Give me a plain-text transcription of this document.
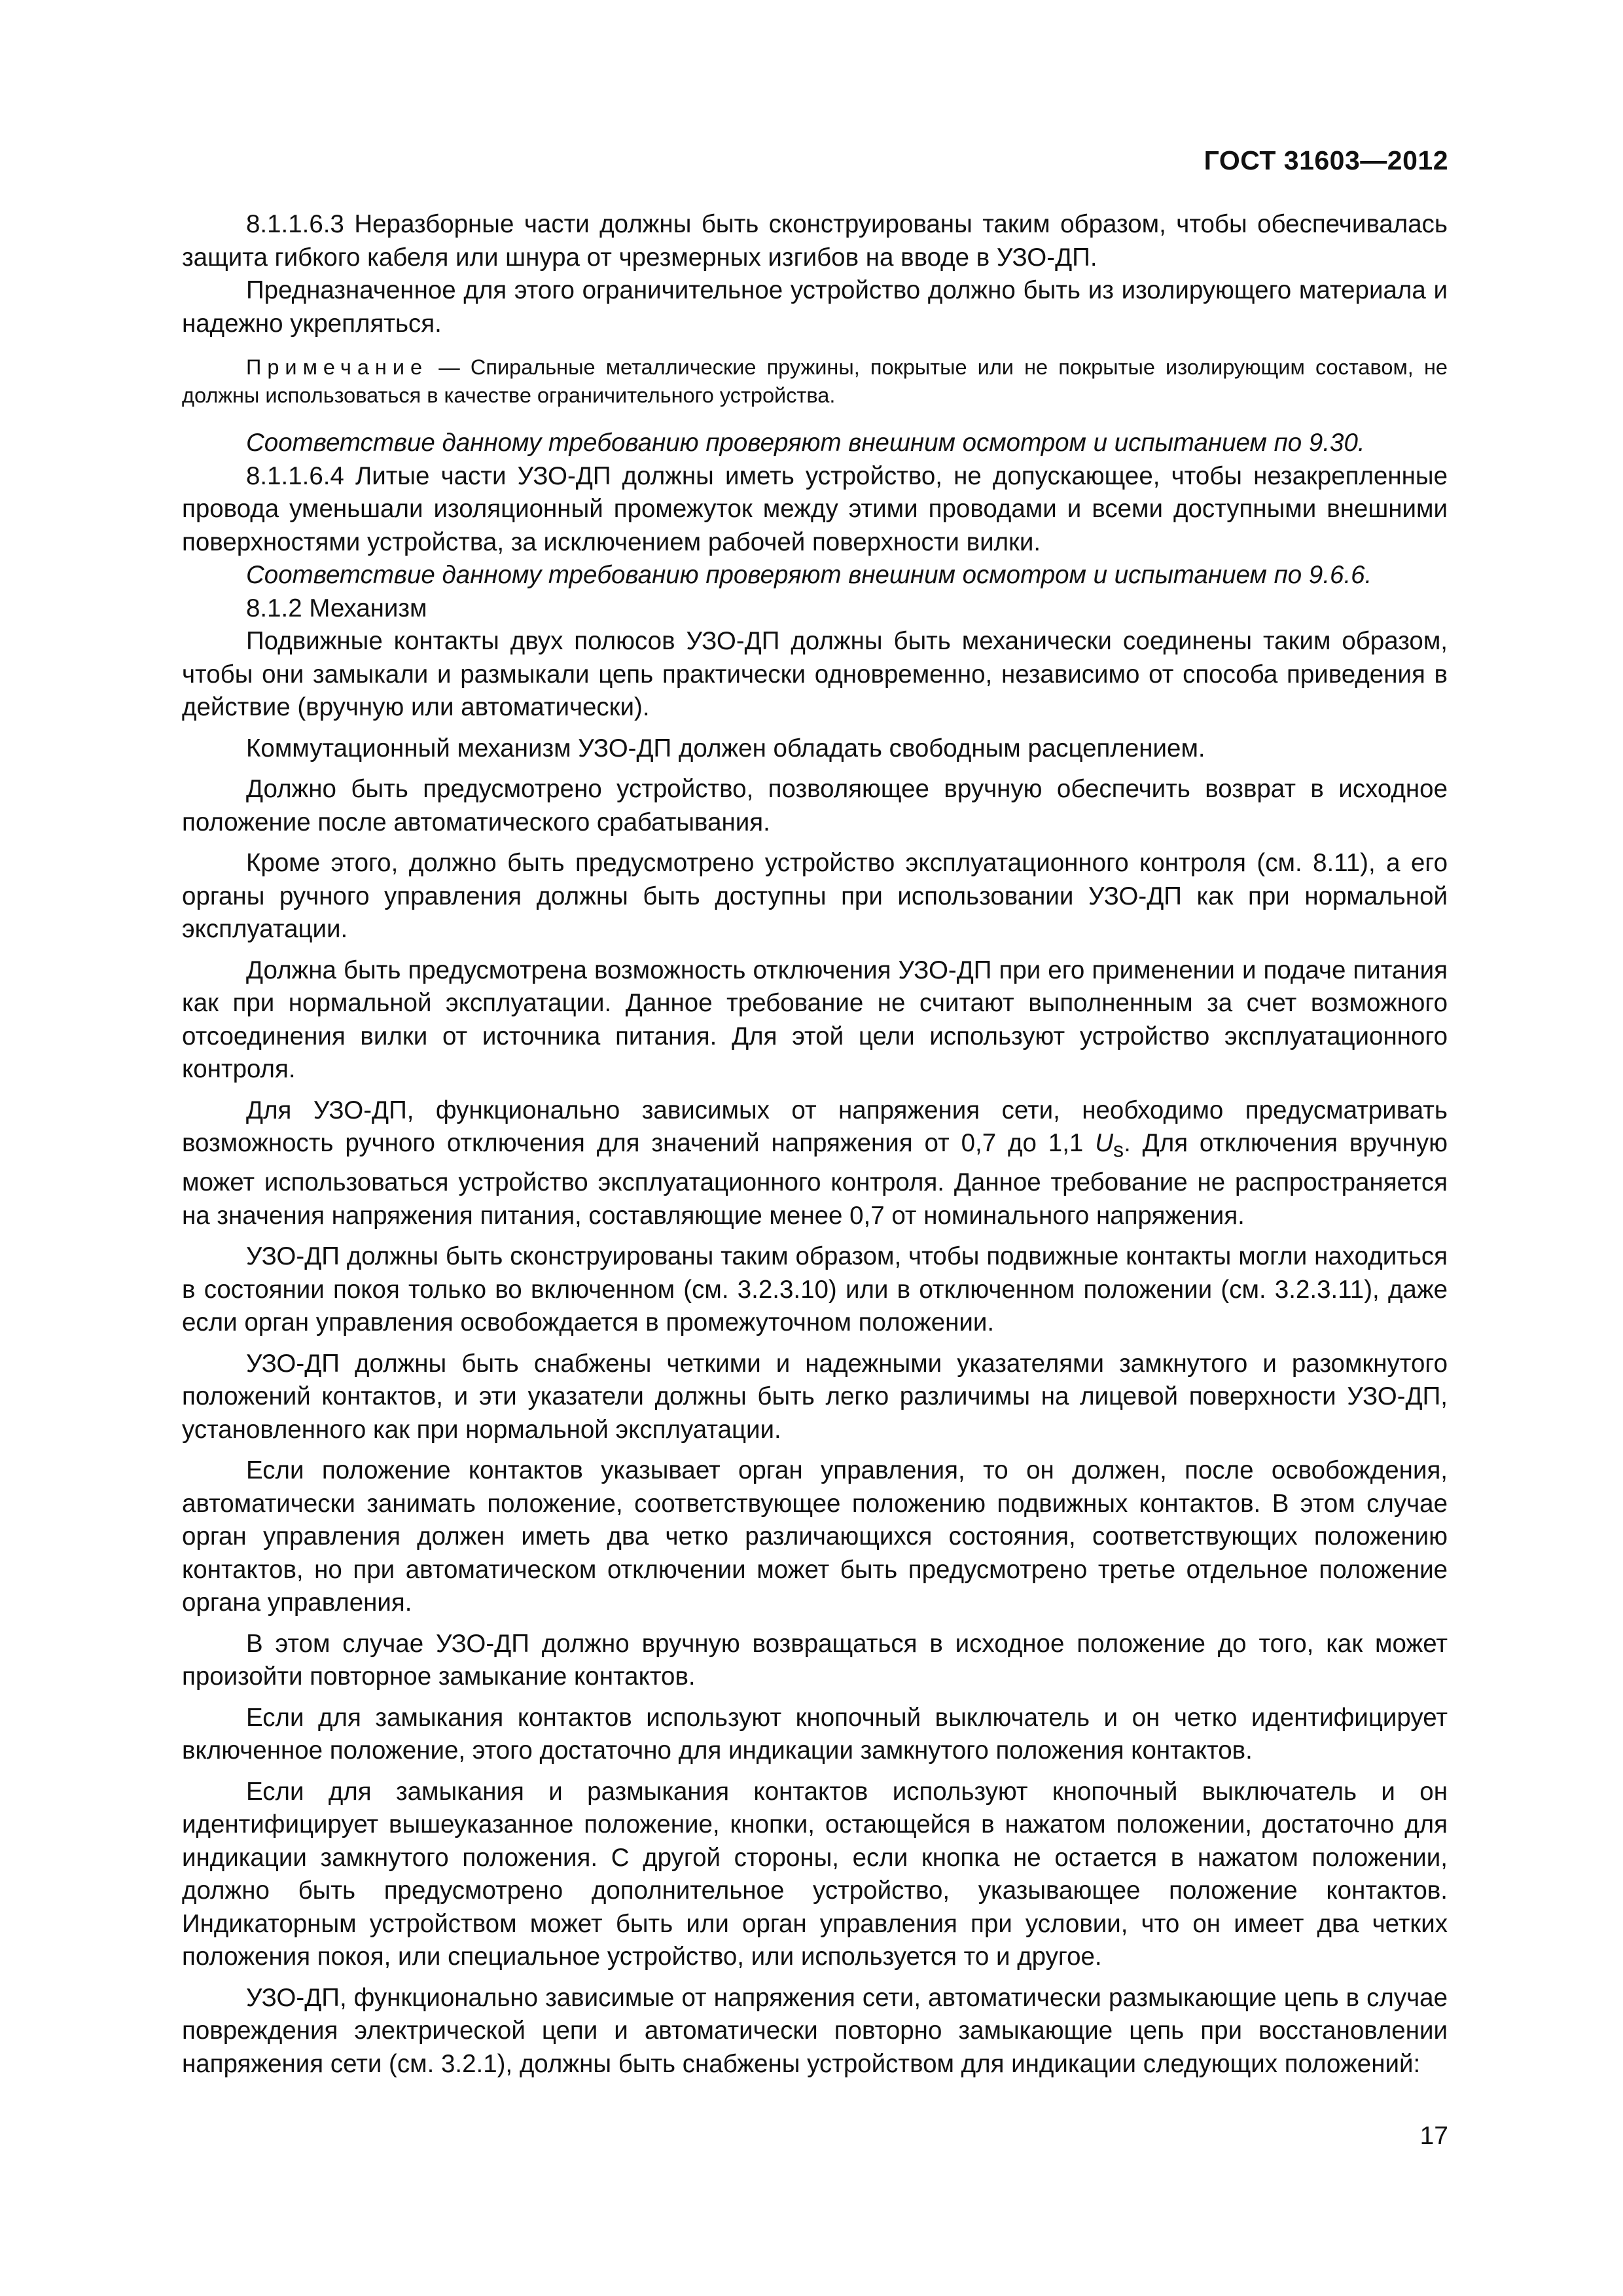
ГОСТ 31603—2012

8.1.1.6.3 Неразборные части должны быть сконструированы таким образом, чтобы обеспечивалась защита гибкого кабеля или шнура от чрезмерных изгибов на вводе в УЗО-ДП.

Предназначенное для этого ограничительное устройство должно быть из изолирующего материала и надежно укрепляться.

Примечание — Спиральные металлические пружины, покрытые или не покрытые изолирующим составом, не должны использоваться в качестве ограничительного устройства.

Соответствие данному требованию проверяют внешним осмотром и испытанием по 9.30.

8.1.1.6.4 Литые части УЗО-ДП должны иметь устройство, не допускающее, чтобы незакрепленные провода уменьшали изоляционный промежуток между этими проводами и всеми доступными внешними поверхностями устройства, за исключением рабочей поверхности вилки.

Соответствие данному требованию проверяют внешним осмотром и испытанием по 9.6.6.

8.1.2 Механизм

Подвижные контакты двух полюсов УЗО-ДП должны быть механически соединены таким образом, чтобы они замыкали и размыкали цепь практически одновременно, независимо от способа приведения в действие (вручную или автоматически).

Коммутационный механизм УЗО-ДП должен обладать свободным расцеплением.

Должно быть предусмотрено устройство, позволяющее вручную обеспечить возврат в исходное положение после автоматического срабатывания.

Кроме этого, должно быть предусмотрено устройство эксплуатационного контроля (см. 8.11), а его органы ручного управления должны быть доступны при использовании УЗО-ДП как при нормальной эксплуатации.

Должна быть предусмотрена возможность отключения УЗО-ДП при его применении и подаче питания как при нормальной эксплуатации. Данное требование не считают выполненным за счет возможного отсоединения вилки от источника питания. Для этой цели используют устройство эксплуатационного контроля.

Для УЗО-ДП, функционально зависимых от напряжения сети, необходимо предусматривать возможность ручного отключения для значений напряжения от 0,7 до 1,1 $U_s$. Для отключения вручную может использоваться устройство эксплуатационного контроля. Данное требование не распространяется на значения напряжения питания, составляющие менее 0,7 от номинального напряжения.

УЗО-ДП должны быть сконструированы таким образом, чтобы подвижные контакты могли находиться в состоянии покоя только во включенном (см. 3.2.3.10) или в отключенном положении (см. 3.2.3.11), даже если орган управления освобождается в промежуточном положении.

УЗО-ДП должны быть снабжены четкими и надежными указателями замкнутого и разомкнутого положений контактов, и эти указатели должны быть легко различимы на лицевой поверхности УЗО-ДП, установленного как при нормальной эксплуатации.

Если положение контактов указывает орган управления, то он должен, после освобождения, автоматически занимать положение, соответствующее положению подвижных контактов. В этом случае орган управления должен иметь два четко различающихся состояния, соответствующих положению контактов, но при автоматическом отключении может быть предусмотрено третье отдельное положение органа управления.

В этом случае УЗО-ДП должно вручную возвращаться в исходное положение до того, как может произойти повторное замыкание контактов.

Если для замыкания контактов используют кнопочный выключатель и он четко идентифицирует включенное положение, этого достаточно для индикации замкнутого положения контактов.

Если для замыкания и размыкания контактов используют кнопочный выключатель и он идентифицирует вышеуказанное положение, кнопки, остающейся в нажатом положении, достаточно для индикации замкнутого положения. С другой стороны, если кнопка не остается в нажатом положении, должно быть предусмотрено дополнительное устройство, указывающее положение контактов. Индикаторным устройством может быть или орган управления при условии, что он имеет два четких положения покоя, или специальное устройство, или используется то и другое.

УЗО-ДП, функционально зависимые от напряжения сети, автоматически размыкающие цепь в случае повреждения электрической цепи и автоматически повторно замыкающие цепь при восстановлении напряжения сети (см. 3.2.1), должны быть снабжены устройством для индикации следующих положений:

17
